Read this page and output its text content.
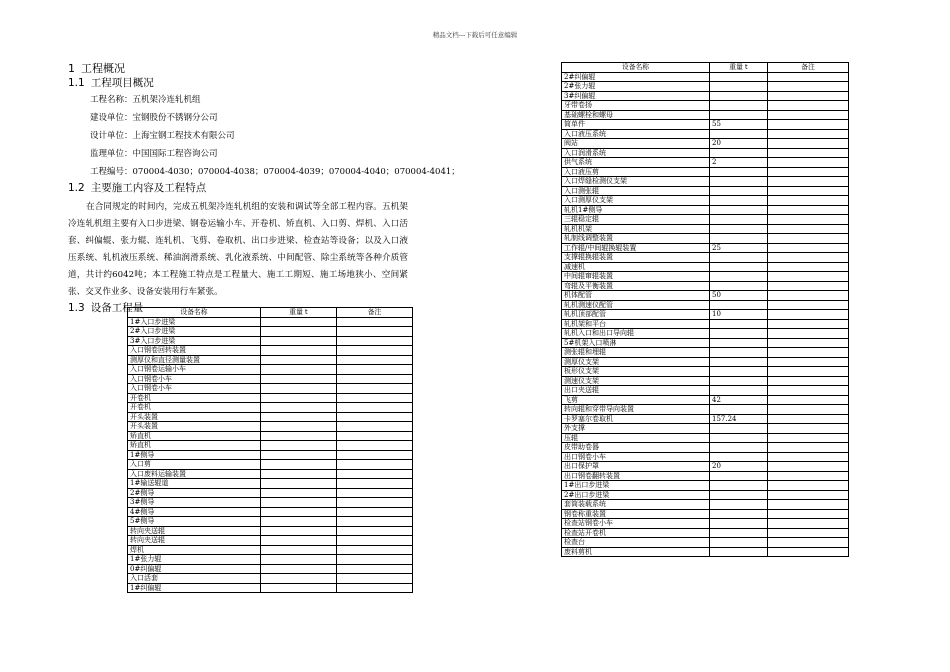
精品文档---下载后可任意编辑
1 工程概况
1.1 工程项目概况
工程名称：五机架冷连轧机组
建设单位：宝钢股份不锈钢分公司
设计单位：上海宝钢工程技术有限公司
监理单位：中国国际工程咨询公司
工程编号：070004-4030；070004-4038；070004-4039；070004-4040；070004-4041；
1.2 主要施工内容及工程特点

在合同规定的时间内，完成五机架冷连轧机组的安装和调试等全部工程内容。五机架冷连轧机组主要有入口步进梁、钢卷运输小车、开卷机、矫直机、入口剪、焊机、入口活套、纠偏辊、张力辊、连轧机、飞剪、卷取机、出口步进梁、检查站等设备；以及入口液压系统、轧机液压系统、稀油润滑系统、乳化液系统、中间配管、除尘系统等各种介质管道，共计约6042吨；本工程施工特点是工程量大、施工工期短、施工场地狭小、空间紧张、交叉作业多、设备安装用行车紧张。

1.3 设备工程量	设备名称	重量 t	备注
1#入口步进梁		
2#入口步进梁		
3#入口步进梁		
入口钢卷回转装置		
测厚仪和直径测量装置		
入口钢卷运输小车		
入口钢卷小车		
入口钢卷小车		
开卷机		
开卷机		
开头装置		
开头装置		
矫直机		
矫直机		
1#侧导		
入口剪		
入口废料运输装置		
1#输送辊道		
2#侧导		
3#侧导		
4#侧导		
5#侧导		
转向夹送辊		
转向夹送辊		
焊机		
1#张力辊		
0#纠偏辊		
入口活套		
1#纠偏辊		
设备名称	重量 t	备注
2#纠偏辊		
2#张力辊		
3#纠偏辊		
牙带卷扬		
基础螺栓和螺母		
简单件	55	
入口液压系统		
阀站	20	
入口润滑系统		
供气系统	2	
入口液压剪		
入口焊缝检测仪支架		
入口测张辊		
入口测厚仪支架		
轧机1#侧导		
三辊稳定辊		
轧机机架		
轧制线调整装置		
工作辊/中间辊换辊装置	25	
支撑辊换辊装置		
减速机		
中间辊窜辊装置		
弯辊及平衡装置		
机体配管	50	
轧机测速仪配管		
轧机顶部配管	10	
轧机架和平台		
轧机入口和出口导向辊		
5#机架入口喷淋		
测张辊和埋辊		
测厚仪支架		
板形仪支架		
测速仪支架		
出口夹送辊		
飞剪	42	
转向辊和穿带导向装置		
卡罗塞尔卷取机	157.24	
外支撑		
压辊		
皮带助卷器		
出口钢卷小车		
出口保护罩	20	
出口钢卷翻转装置		
1#出口步进梁		
2#出口步进梁		
套筒装载系统		
钢卷称重装置		
检查站钢卷小车		
检查站开卷机		
检查台		
废料剪机		
